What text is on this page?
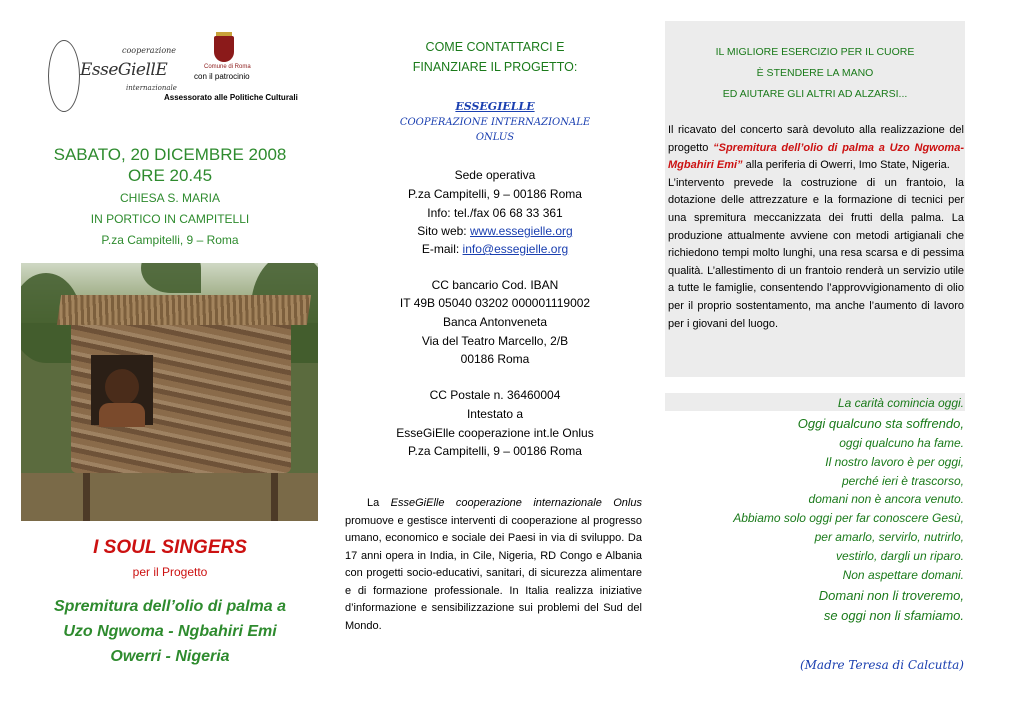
cooperazione
EsseGiellE
internazionale
Comune di Roma
con il patrocinio
Assessorato alle Politiche Culturali
SABATO, 20 DICEMBRE 2008
ORE 20.45
CHIESA S. MARIA
IN PORTICO IN CAMPITELLI
P.za Campitelli, 9 – Roma
I SOUL SINGERS
per il Progetto
Spremitura dell’olio di palma a
Uzo Ngwoma - Ngbahiri Emi
Owerri - Nigeria
COME CONTATTARCI E
FINANZIARE IL PROGETTO:
ESSEGIELLE
COOPERAZIONE INTERNAZIONALE
ONLUS
Sede operativa
P.za Campitelli, 9 – 00186 Roma
Info: tel./fax 06 68 33 361
Sito web: www.essegielle.org
E-mail: info@essegielle.org
CC bancario Cod. IBAN
IT 49B 05040 03202 000001119002
Banca Antonveneta
Via del Teatro Marcello, 2/B
00186 Roma
CC Postale n. 36460004
Intestato a
EsseGiElle cooperazione int.le Onlus
P.za Campitelli, 9 – 00186 Roma
La EsseGiElle cooperazione internazionale Onlus promuove e gestisce interventi di cooperazione al progresso umano, economico e sociale dei Paesi in via di sviluppo. Da 17 anni opera in India, in Cile, Nigeria, RD Congo e Albania con progetti socio-educativi, sanitari, di sicurezza alimentare e di formazione professionale. In Italia realizza iniziative d’informazione e sensibilizzazione sui problemi del Sud del Mondo.
IL MIGLIORE ESERCIZIO PER IL CUORE
È STENDERE LA MANO
ED AIUTARE GLI ALTRI AD ALZARSI...
Il ricavato del concerto sarà devoluto alla realizzazione del progetto “Spremitura dell’olio di palma a Uzo Ngwoma-Mgbahiri Emi” alla periferia di Owerri, Imo State, Nigeria.
L’intervento prevede la costruzione di un frantoio, la dotazione delle attrezzature e la formazione di tecnici per una spremitura meccanizzata dei frutti della palma. La produzione attualmente avviene con metodi artigianali che richiedono tempi molto lunghi, una resa scarsa e di pessima qualità. L’allestimento di un frantoio renderà un servizio utile a tutte le famiglie, consentendo l’approvvigionamento di olio per il proprio sostentamento, ma anche l’aumento di lavoro per i giovani del luogo.
La carità comincia oggi.
Oggi qualcuno sta soffrendo,
oggi qualcuno ha fame.
Il nostro lavoro è per oggi,
perché ieri è trascorso,
domani non è ancora venuto.
Abbiamo solo oggi per far conoscere Gesù,
per amarlo, servirlo, nutrirlo,
vestirlo, dargli un riparo.
Non aspettare domani.
Domani non li troveremo,
se oggi non li sfamiamo.
(Madre Teresa di Calcutta)
